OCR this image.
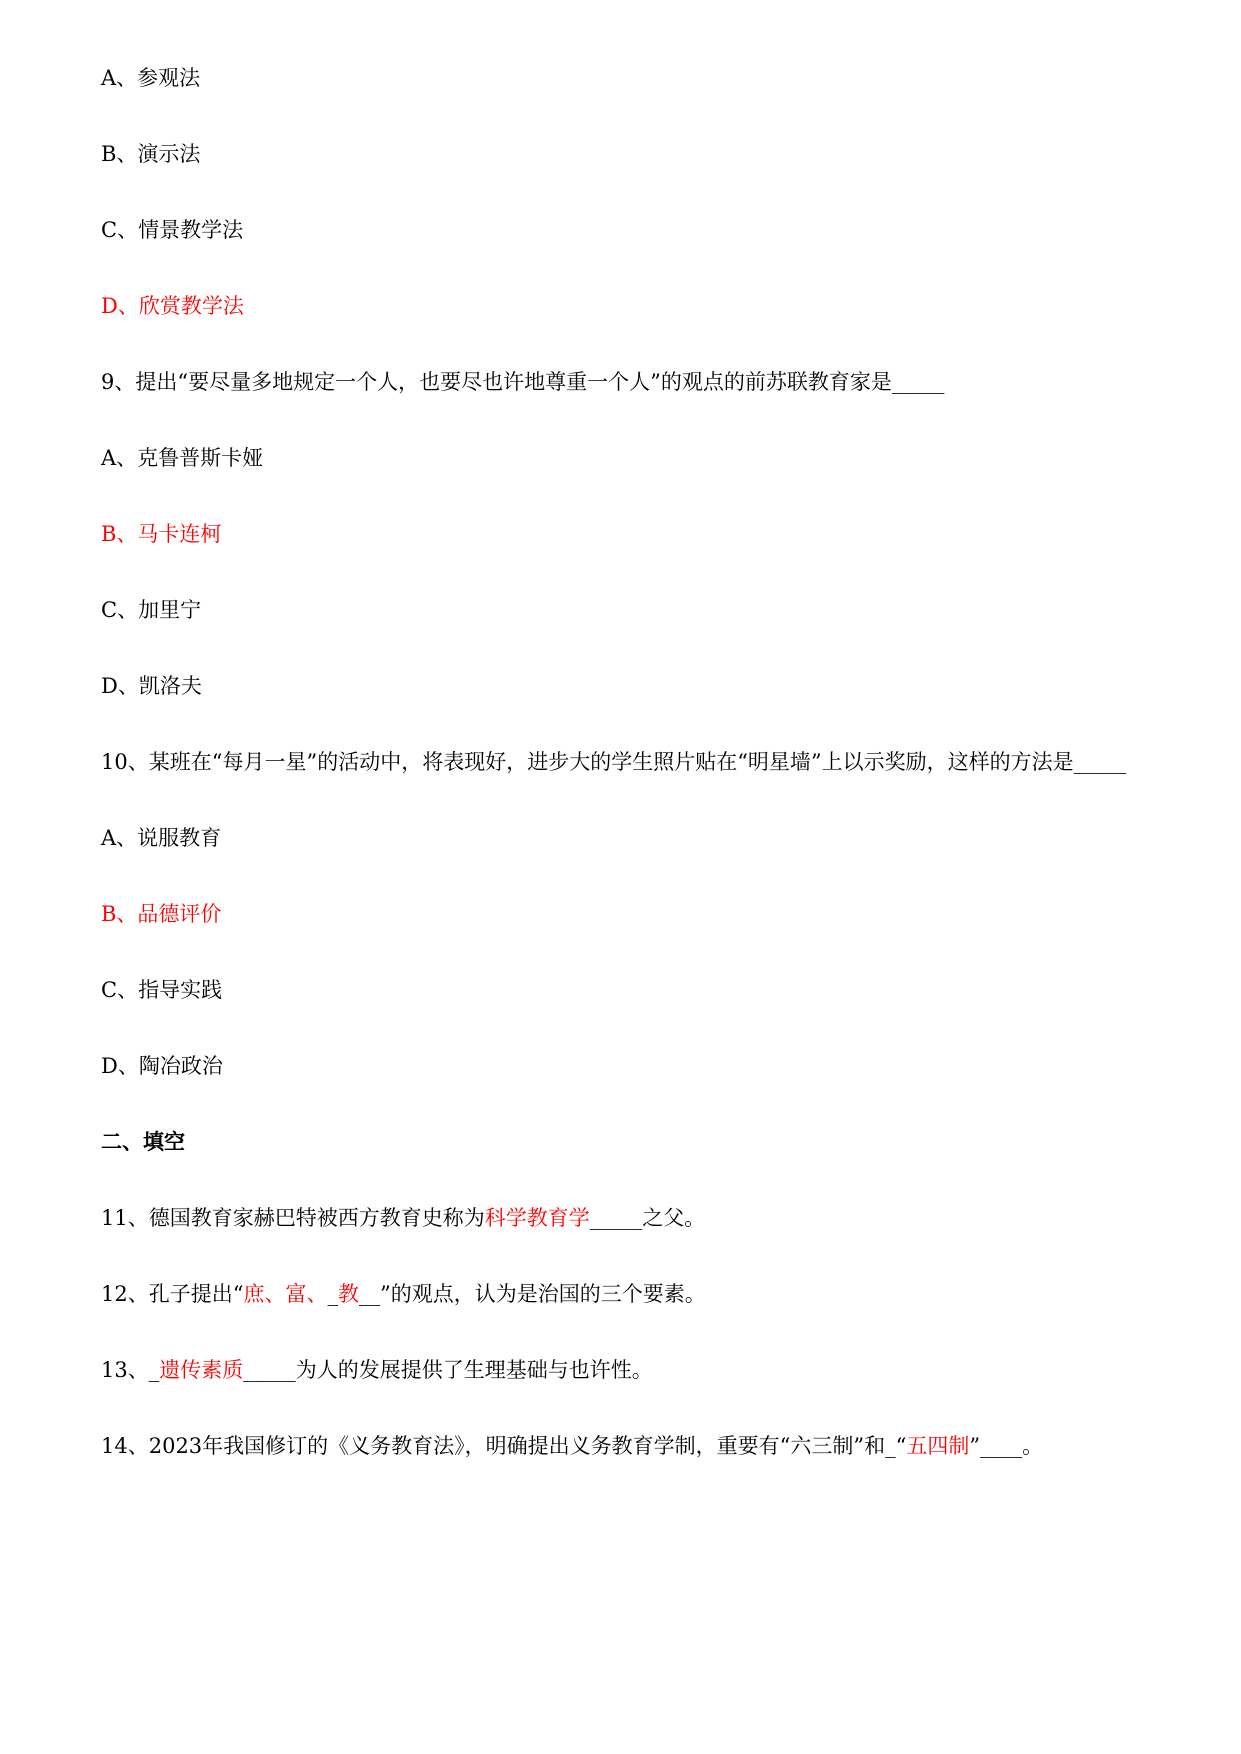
A、参观法
B、演示法
C、情景教学法
D、欣赏教学法
9、提出“要尽量多地规定一个人，也要尽也许地尊重一个人”的观点的前苏联教育家是_____
A、克鲁普斯卡娅
B、马卡连柯
C、加里宁
D、凯洛夫
10、某班在“每月一星”的活动中，将表现好，进步大的学生照片贴在“明星墙”上以示奖励，这样的方法是_____
A、说服教育
B、品德评价
C、指导实践
D、陶冶政治
二、填空
11、德国教育家赫巴特被西方教育史称为科学教育学_____之父。
12、孔子提出“庶、富、_教__”的观点，认为是治国的三个要素。
13、_遗传素质_____为人的发展提供了生理基础与也许性。
14、2023年我国修订的《义务教育法》，明确提出义务教育学制，重要有“六三制”和_“五四制”____。
